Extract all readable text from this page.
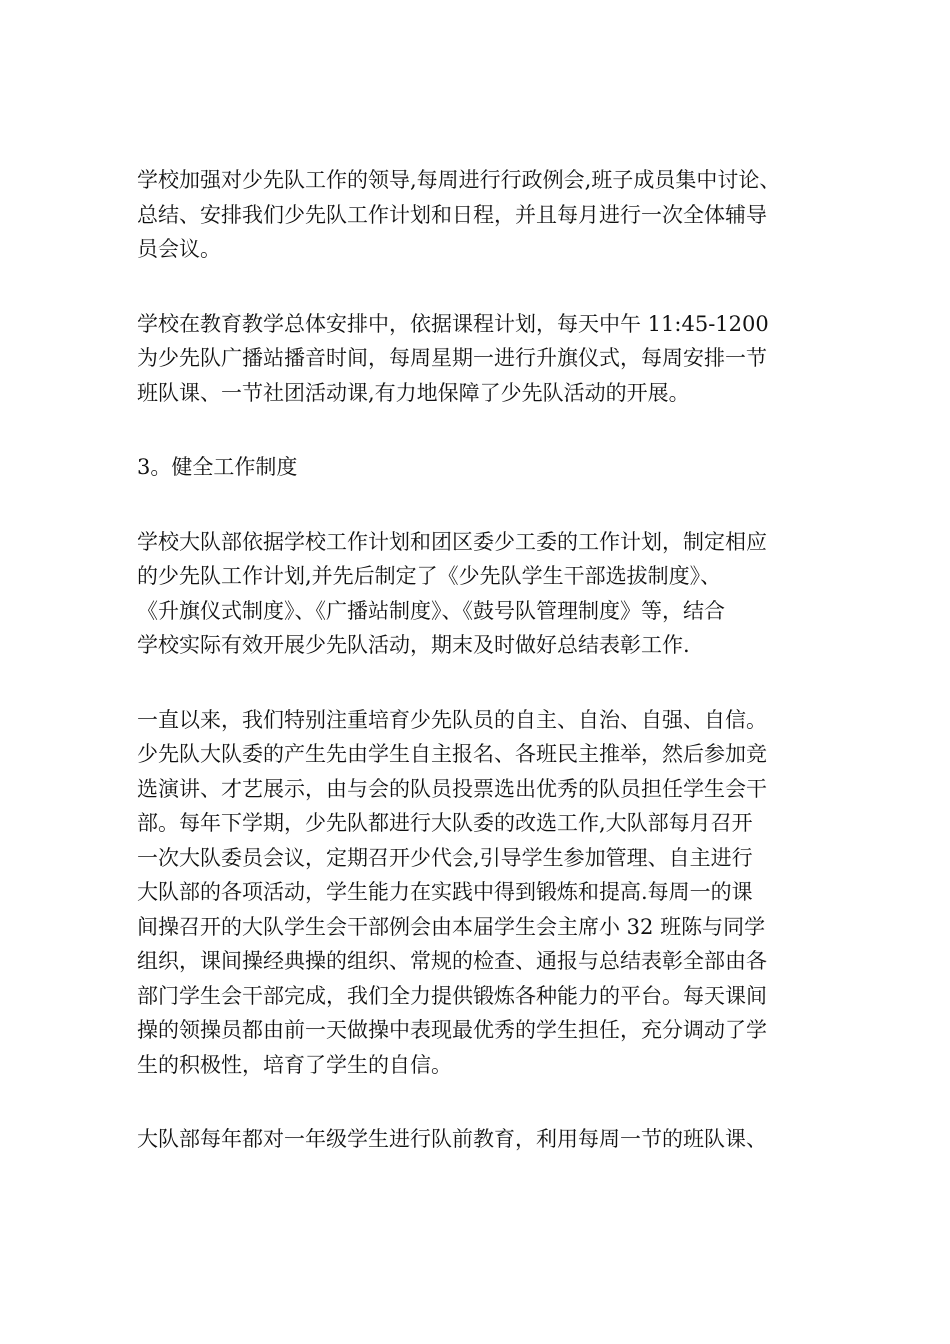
学校加强对少先队工作的领导,每周进行行政例会,班子成员集中讨论、
总结、安排我们少先队工作计划和日程，并且每月进行一次全体辅导
员会议。

学校在教育教学总体安排中，依据课程计划，每天中午 11:45-1200
为少先队广播站播音时间，每周星期一进行升旗仪式，每周安排一节
班队课、一节社团活动课,有力地保障了少先队活动的开展。

3。健全工作制度

学校大队部依据学校工作计划和团区委少工委的工作计划，制定相应
的少先队工作计划,并先后制定了《少先队学生干部选拔制度》、
《升旗仪式制度》、《广播站制度》、《鼓号队管理制度》等，结合
学校实际有效开展少先队活动，期末及时做好总结表彰工作.

一直以来，我们特别注重培育少先队员的自主、自治、自强、自信。
少先队大队委的产生先由学生自主报名、各班民主推举，然后参加竞
选演讲、才艺展示，由与会的队员投票选出优秀的队员担任学生会干
部。每年下学期，少先队都进行大队委的改选工作,大队部每月召开
一次大队委员会议，定期召开少代会,引导学生参加管理、自主进行
大队部的各项活动，学生能力在实践中得到锻炼和提高.每周一的课
间操召开的大队学生会干部例会由本届学生会主席小 32 班陈与同学
组织，课间操经典操的组织、常规的检查、通报与总结表彰全部由各
部门学生会干部完成，我们全力提供锻炼各种能力的平台。每天课间
操的领操员都由前一天做操中表现最优秀的学生担任，充分调动了学
生的积极性，培育了学生的自信。

大队部每年都对一年级学生进行队前教育，利用每周一节的班队课、
